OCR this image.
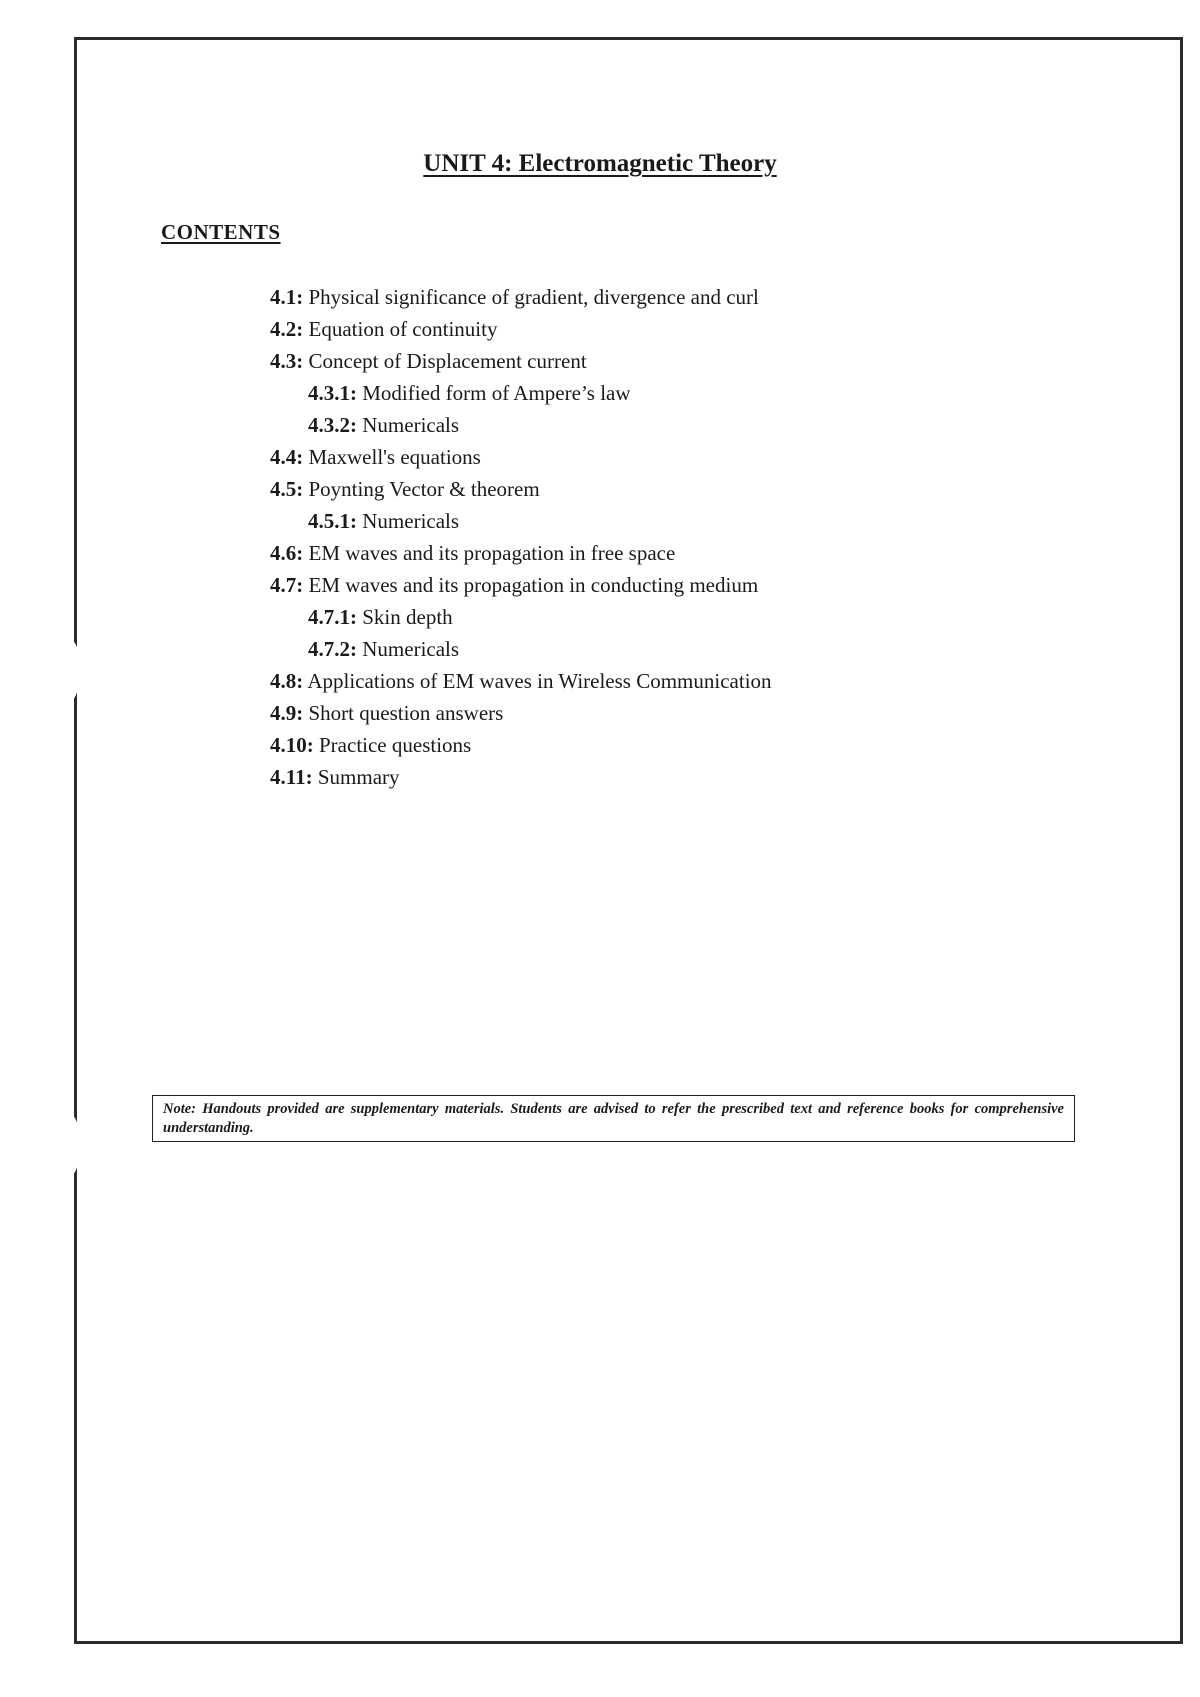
UNIT 4: Electromagnetic Theory
CONTENTS
4.1: Physical significance of gradient, divergence and curl
4.2: Equation of continuity
4.3: Concept of Displacement current
4.3.1: Modified form of Ampere’s law
4.3.2: Numericals
4.4: Maxwell's equations
4.5: Poynting Vector & theorem
4.5.1: Numericals
4.6: EM waves and its propagation in free space
4.7: EM waves and its propagation in conducting medium
4.7.1: Skin depth
4.7.2: Numericals
4.8: Applications of EM waves in Wireless Communication
4.9: Short question answers
4.10: Practice questions
4.11: Summary
Note: Handouts provided are supplementary materials. Students are advised to refer the prescribed text and reference books for comprehensive understanding.
